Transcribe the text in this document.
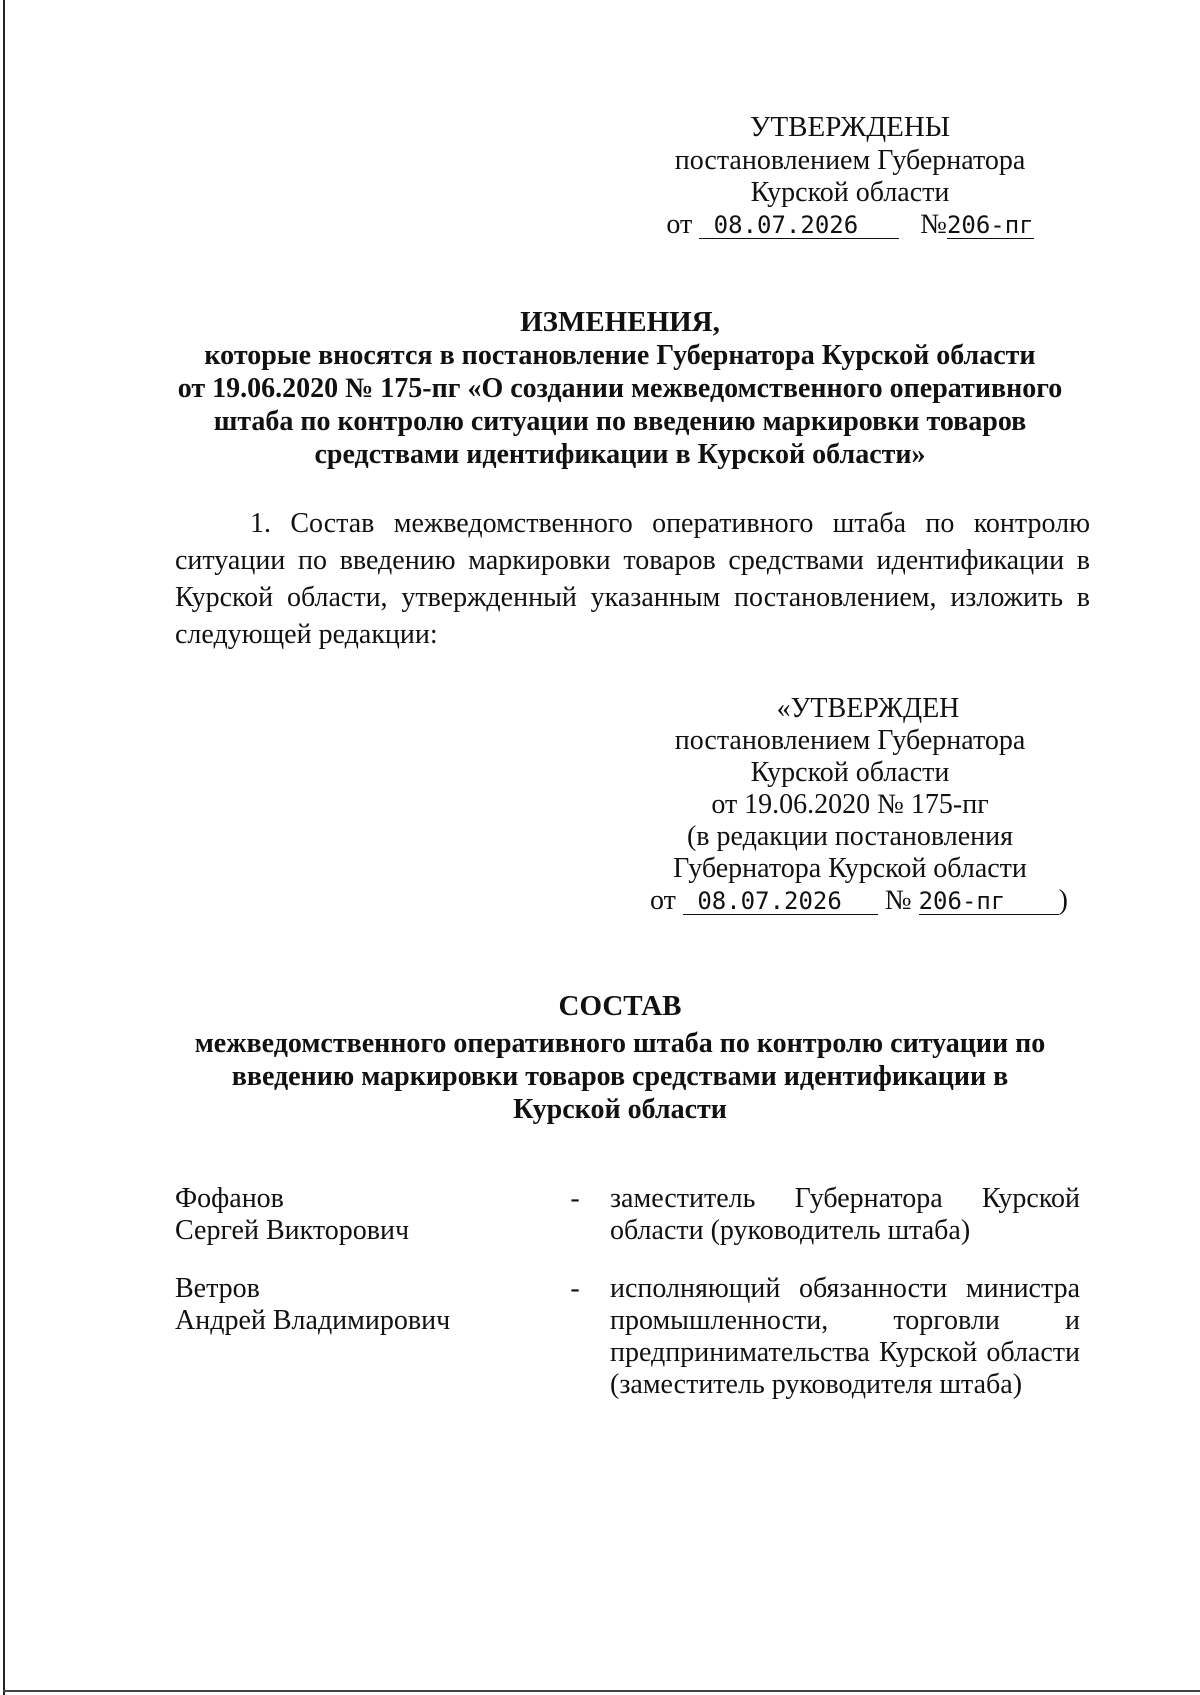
УТВЕРЖДЕНЫ
постановлением Губернатора
Курской области
от 08.07.2026 №206-пг
ИЗМЕНЕНИЯ,
которые вносятся в постановление Губернатора Курской области
от 19.06.2020 № 175-пг «О создании межведомственного оперативного
штаба по контролю ситуации по введению маркировки товаров
средствами идентификации в Курской области»
1. Состав межведомственного оперативного штаба по контролю ситуации по введению маркировки товаров средствами идентификации в Курской области, утвержденный указанным постановлением, изложить в следующей редакции:
«УТВЕРЖДЕН
постановлением Губернатора
Курской области
от 19.06.2020 № 175-пг
(в редакции постановления
Губернатора Курской области
от 08.07.2026 № 206-пг )
СОСТАВ
межведомственного оперативного штаба по контролю ситуации по
введению маркировки товаров средствами идентификации в
Курской области
Фофанов
Сергей Викторович
-	заместитель Губернатора Курской области (руководитель штаба)
Ветров
Андрей Владимирович
-	исполняющий обязанности министра промышленности, торговли и предпринимательства Курской области (заместитель руководителя штаба)
